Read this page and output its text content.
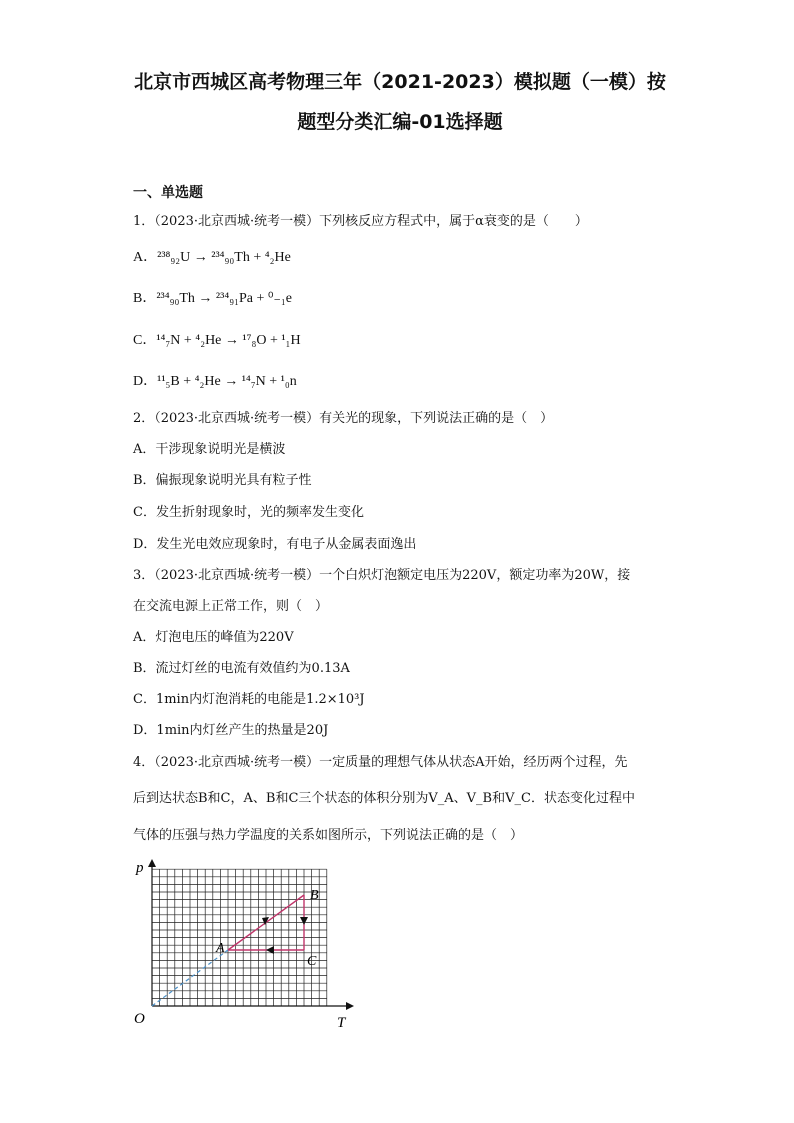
北京市西城区高考物理三年（2021-2023）模拟题（一模）按
题型分类汇编-01选择题
一、单选题
1．（2023·北京西城·统考一模）下列核反应方程式中，属于α衰变的是（　　）
A．²³⁸₉₂U → ²³⁴₉₀Th + ⁴₂He
B．²³⁴₉₀Th → ²³⁴₉₁Pa + ⁰₋₁e
C．¹⁴₇N + ⁴₂He → ¹⁷₈O + ¹₁H
D．¹¹₅B + ⁴₂He → ¹⁴₇N + ¹₀n
2．（2023·北京西城·统考一模）有关光的现象，下列说法正确的是（　）
A．干涉现象说明光是横波
B．偏振现象说明光具有粒子性
C．发生折射现象时，光的频率发生变化
D．发生光电效应现象时，有电子从金属表面逸出
3．（2023·北京西城·统考一模）一个白炽灯泡额定电压为220V，额定功率为20W，接
在交流电源上正常工作，则（　）
A．灯泡电压的峰值为220V
B．流过灯丝的电流有效值约为0.13A
C．1min内灯泡消耗的电能是1.2×10³J
D．1min内灯丝产生的热量是20J
4．（2023·北京西城·统考一模）一定质量的理想气体从状态A开始，经历两个过程，先
后到达状态B和C，A、B和C三个状态的体积分别为V_A、V_B和V_C．状态变化过程中
气体的压强与热力学温度的关系如图所示，下列说法正确的是（　）
p
T
O
A
B
C
